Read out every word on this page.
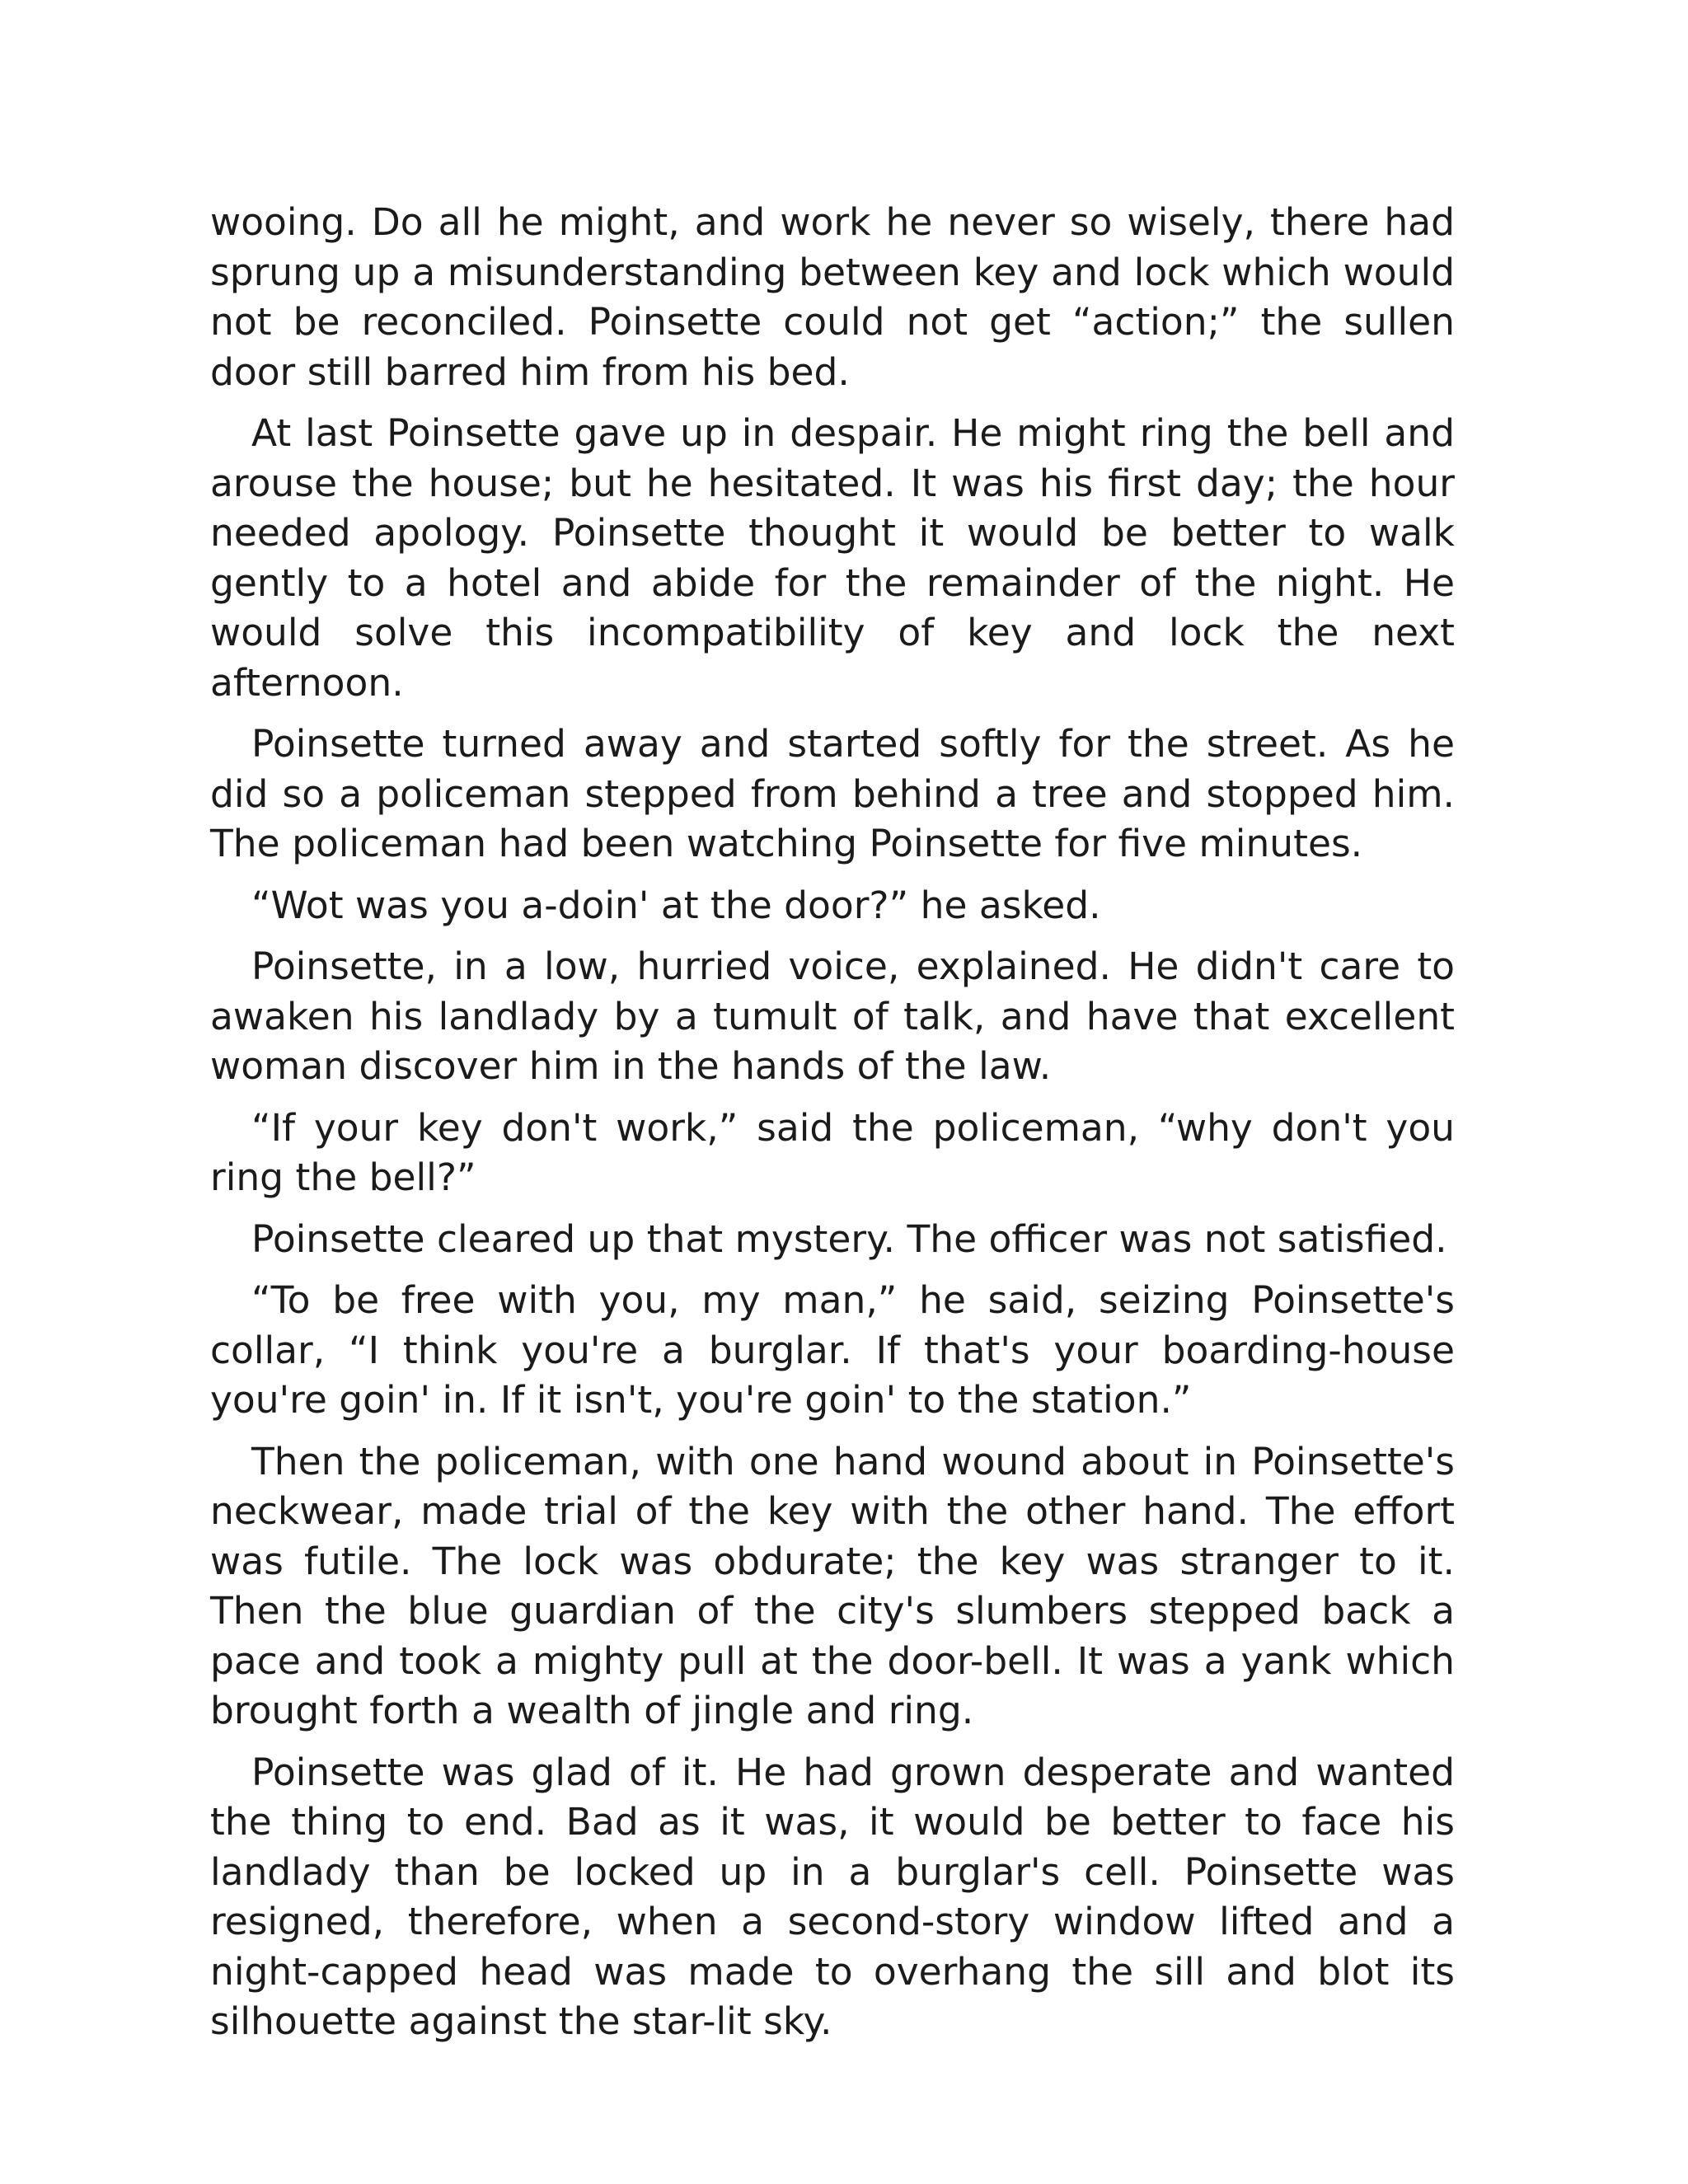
wooing. Do all he might, and work he never so wisely, there had sprung up a misunderstanding between key and lock which would not be reconciled. Poinsette could not get “action;” the sullen door still barred him from his bed.

At last Poinsette gave up in despair. He might ring the bell and arouse the house; but he hesitated. It was his first day; the hour needed apology. Poinsette thought it would be better to walk gently to a hotel and abide for the remainder of the night. He would solve this incompatibility of key and lock the next afternoon.

Poinsette turned away and started softly for the street. As he did so a policeman stepped from behind a tree and stopped him. The policeman had been watching Poinsette for five minutes.

“Wot was you a-doin' at the door?” he asked.

Poinsette, in a low, hurried voice, explained. He didn't care to awaken his landlady by a tumult of talk, and have that excellent woman discover him in the hands of the law.

“If your key don't work,” said the policeman, “why don't you ring the bell?”

Poinsette cleared up that mystery. The officer was not satisfied.

“To be free with you, my man,” he said, seizing Poinsette's collar, “I think you're a burglar. If that's your boarding-house you're goin' in. If it isn't, you're goin' to the station.”

Then the policeman, with one hand wound about in Poinsette's neckwear, made trial of the key with the other hand. The effort was futile. The lock was obdurate; the key was stranger to it. Then the blue guardian of the city's slumbers stepped back a pace and took a mighty pull at the door-bell. It was a yank which brought forth a wealth of jingle and ring.

Poinsette was glad of it. He had grown desperate and wanted the thing to end. Bad as it was, it would be better to face his landlady than be locked up in a burglar's cell. Poinsette was resigned, therefore, when a second-story window lifted and a night-capped head was made to overhang the sill and blot its silhouette against the star-lit sky.
